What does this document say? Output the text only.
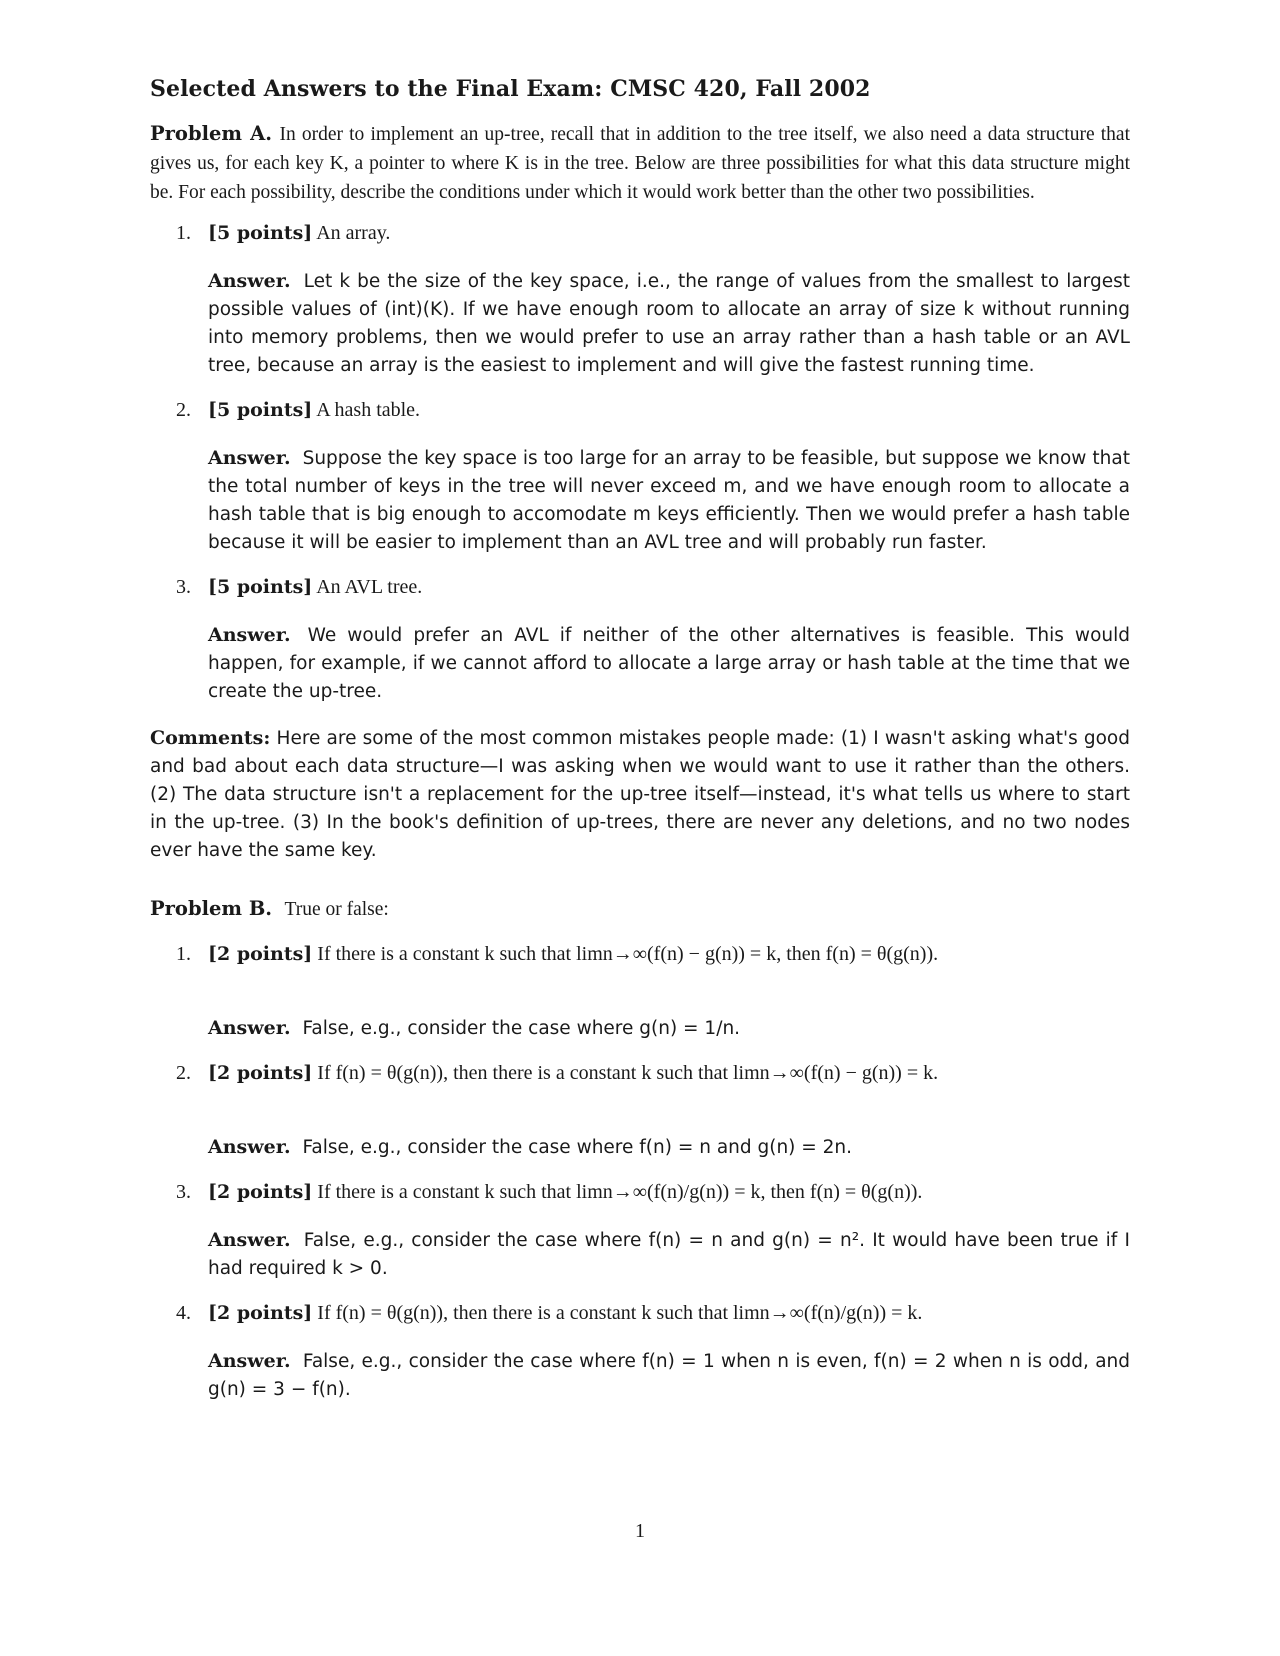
Selected Answers to the Final Exam: CMSC 420, Fall 2002

Problem A. In order to implement an up-tree, recall that in addition to the tree itself, we also need a data structure that gives us, for each key K, a pointer to where K is in the tree. Below are three possibilities for what this data structure might be. For each possibility, describe the conditions under which it would work better than the other two possibilities.

1. [5 points] An array.
Answer. Let k be the size of the key space, i.e., the range of values from the smallest to largest possible values of (int)(K). If we have enough room to allocate an array of size k without running into memory problems, then we would prefer to use an array rather than a hash table or an AVL tree, because an array is the easiest to implement and will give the fastest running time.
2. [5 points] A hash table.
Answer. Suppose the key space is too large for an array to be feasible, but suppose we know that the total number of keys in the tree will never exceed m, and we have enough room to allocate a hash table that is big enough to accomodate m keys efficiently. Then we would prefer a hash table because it will be easier to implement than an AVL tree and will probably run faster.
3. [5 points] An AVL tree.
Answer. We would prefer an AVL if neither of the other alternatives is feasible. This would happen, for example, if we cannot afford to allocate a large array or hash table at the time that we create the up-tree.
Comments: Here are some of the most common mistakes people made: (1) I wasn't asking what's good and bad about each data structure—I was asking when we would want to use it rather than the others. (2) The data structure isn't a replacement for the up-tree itself—instead, it's what tells us where to start in the up-tree. (3) In the book's definition of up-trees, there are never any deletions, and no two nodes ever have the same key.

Problem B. True or false:

1. [2 points] If there is a constant k such that limn→∞(f(n) − g(n)) = k, then f(n) = θ(g(n)).
Answer. False, e.g., consider the case where g(n) = 1/n.
2. [2 points] If f(n) = θ(g(n)), then there is a constant k such that limn→∞(f(n) − g(n)) = k.
Answer. False, e.g., consider the case where f(n) = n and g(n) = 2n.
3. [2 points] If there is a constant k such that limn→∞(f(n)/g(n)) = k, then f(n) = θ(g(n)).
Answer. False, e.g., consider the case where f(n) = n and g(n) = n². It would have been true if I had required k > 0.
4. [2 points] If f(n) = θ(g(n)), then there is a constant k such that limn→∞(f(n)/g(n)) = k.
Answer. False, e.g., consider the case where f(n) = 1 when n is even, f(n) = 2 when n is odd, and g(n) = 3 − f(n).
1
